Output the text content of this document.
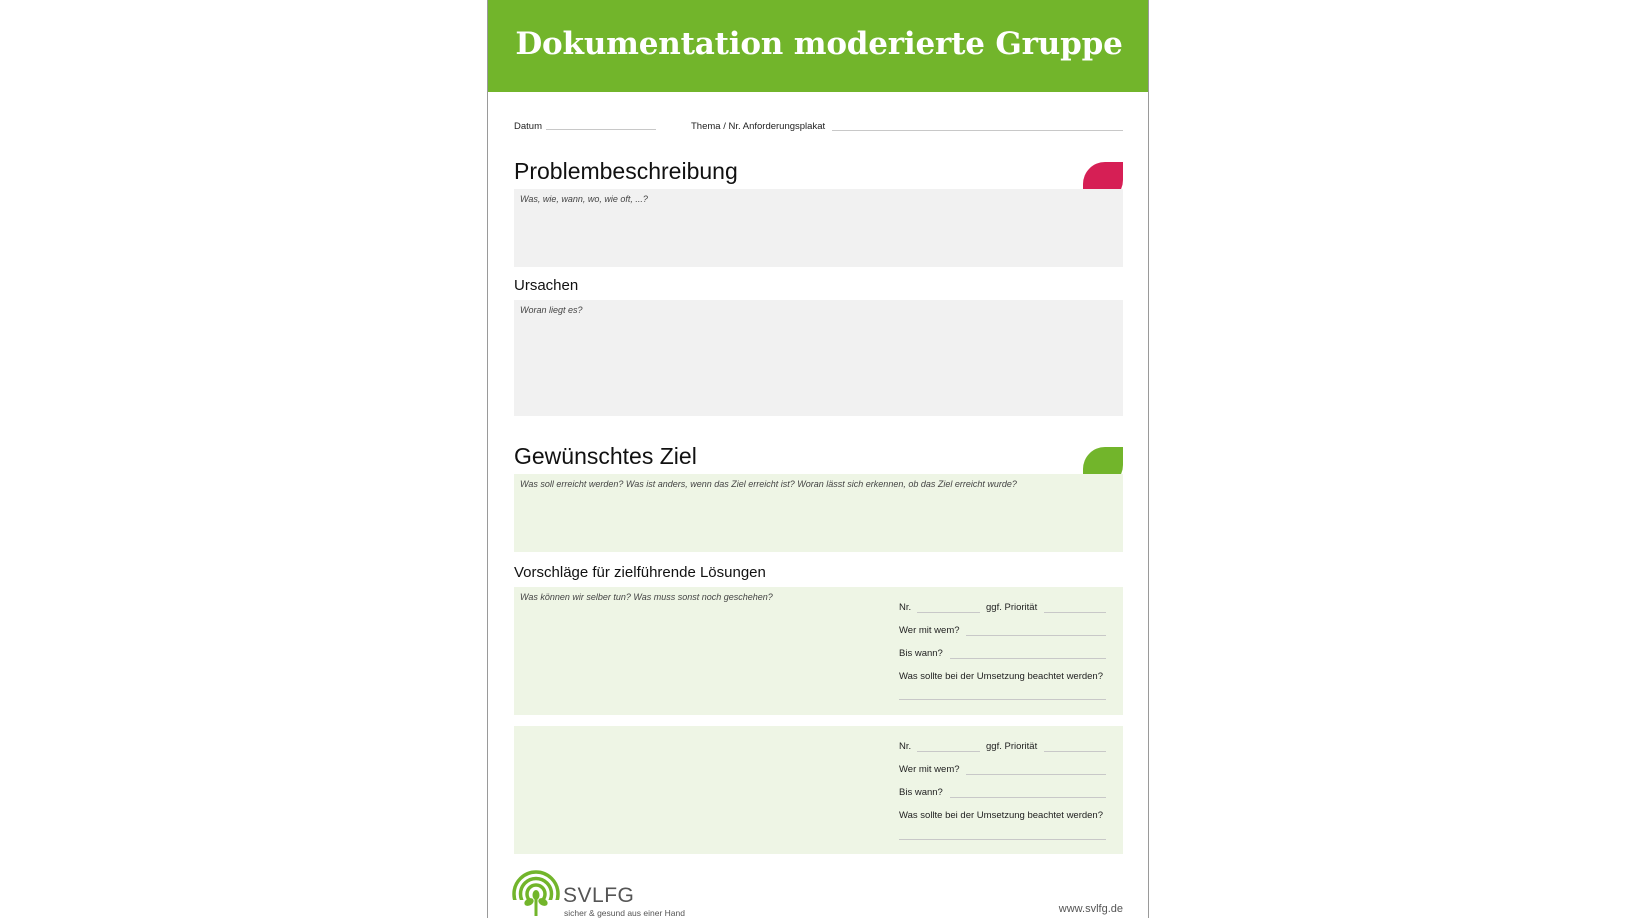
Dokumentation moderierte Gruppe
Datum	Thema / Nr. Anforderungsplakat
Problembeschreibung
Was, wie, wann, wo, wie oft, ...?
Ursachen
Woran liegt es?
Gewünschtes Ziel
Was soll erreicht werden? Was ist anders, wenn das Ziel erreicht ist? Woran lässt sich erkennen, ob das Ziel erreicht wurde?
Vorschläge für zielführende Lösungen
Was können wir selber tun? Was muss sonst noch geschehen?
Nr.	ggf. Priorität
Wer mit wem?
Bis wann?
Was sollte bei der Umsetzung beachtet werden?
Nr.	ggf. Priorität
Wer mit wem?
Bis wann?
Was sollte bei der Umsetzung beachtet werden?
SVLFG
sicher & gesund aus einer Hand	www.svlfg.de
